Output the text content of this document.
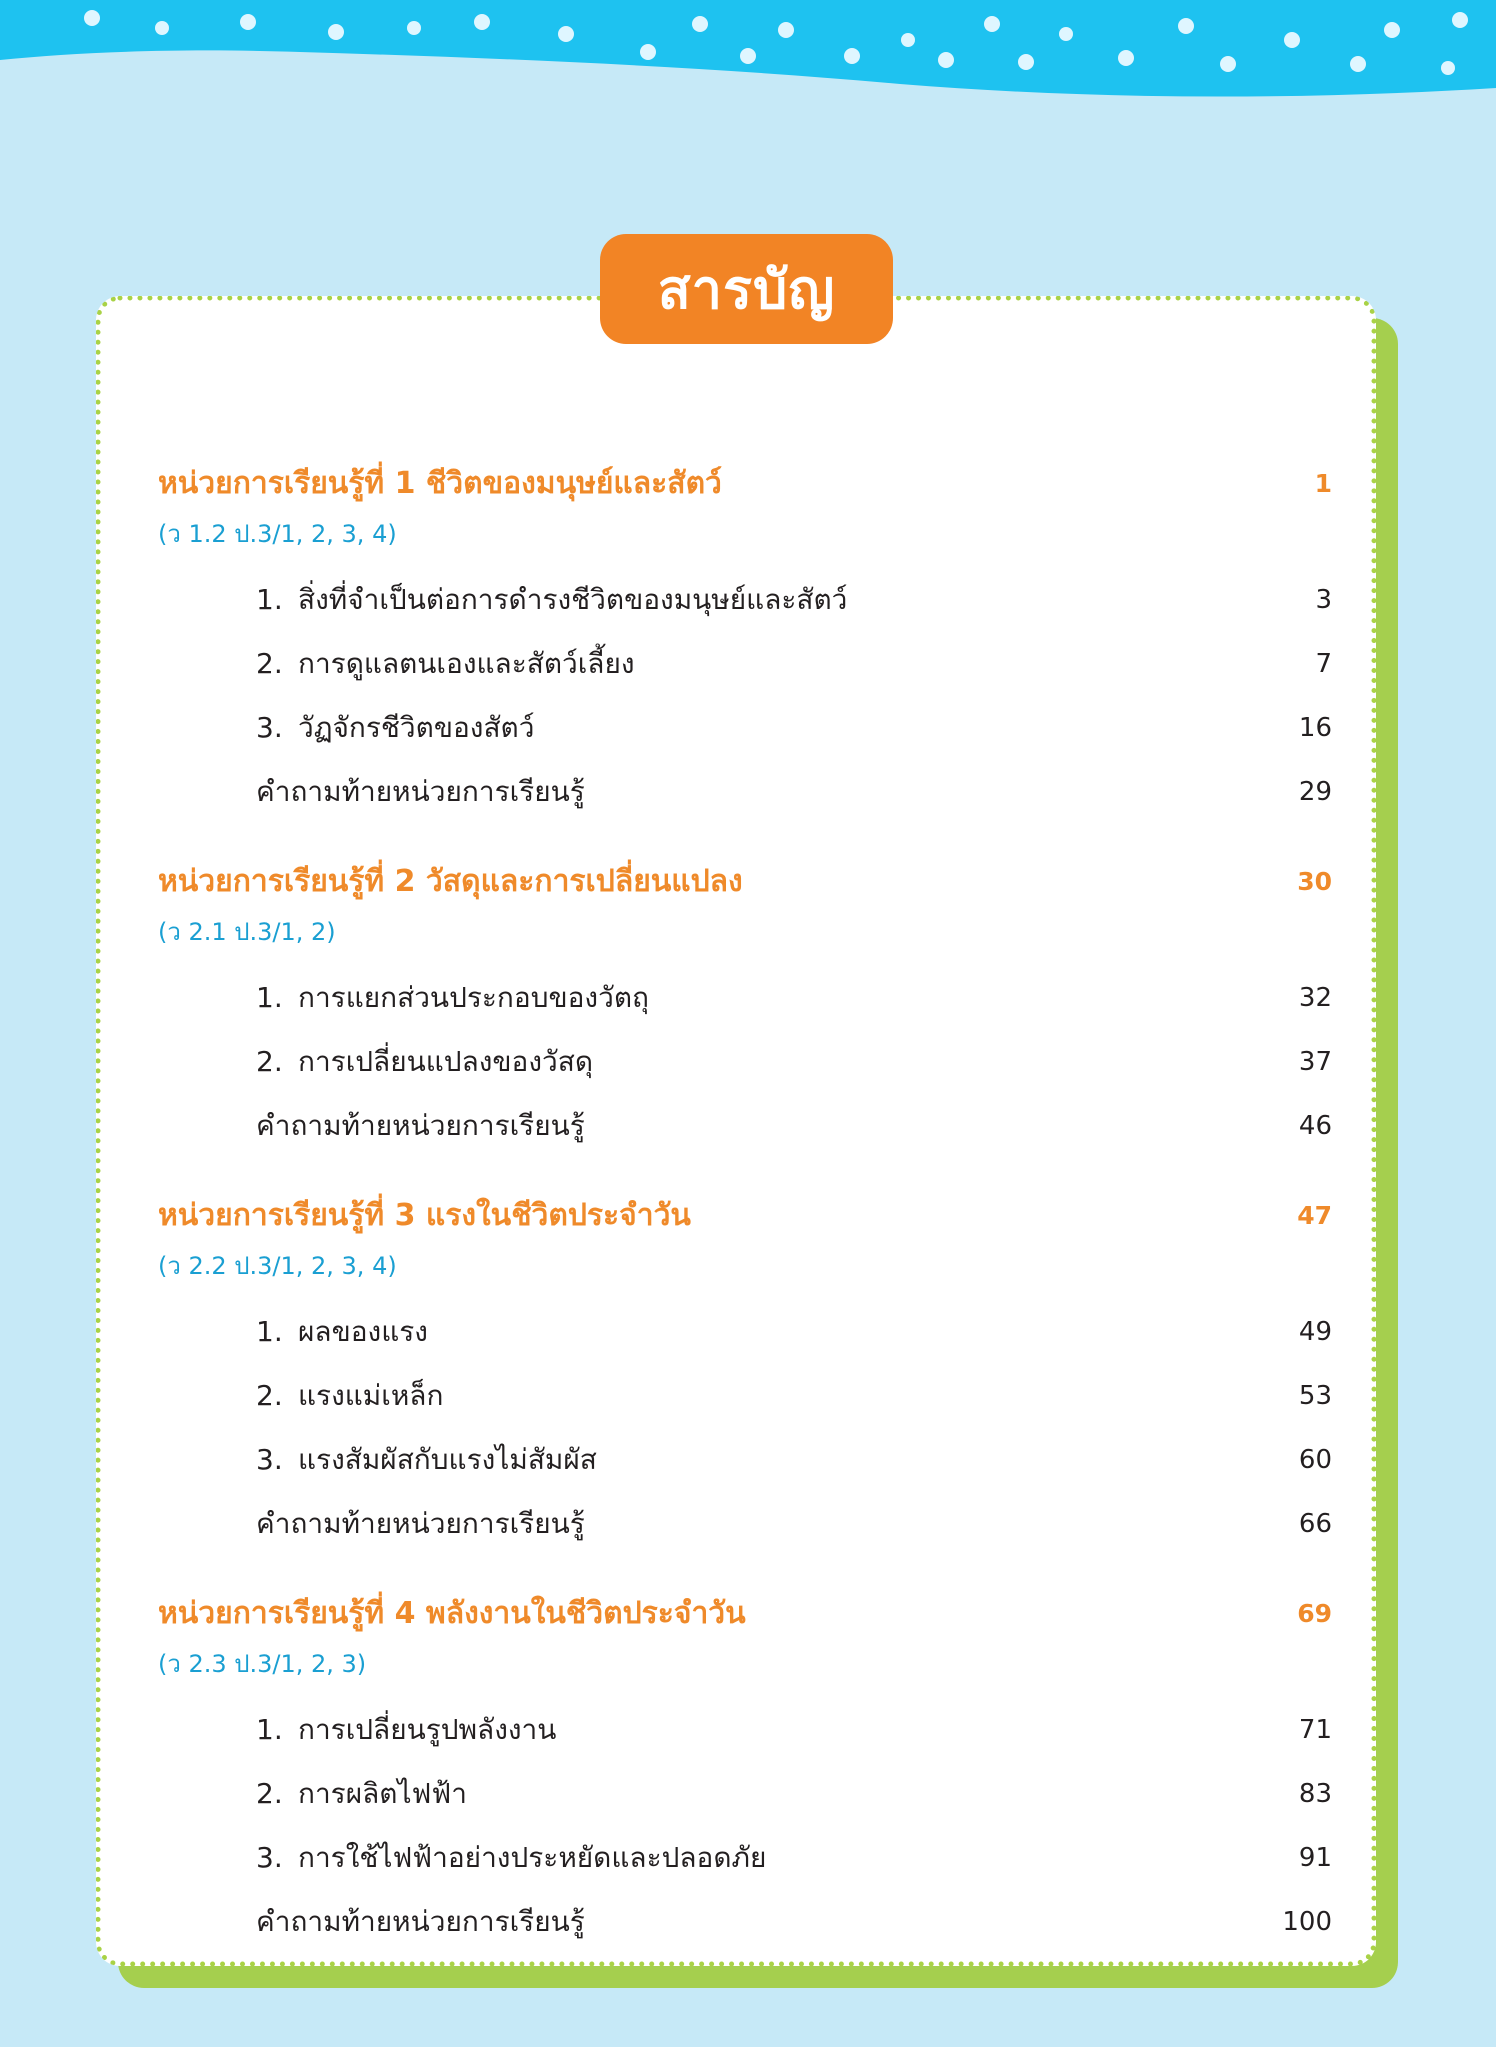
สารบัญ
หน่วยการเรียนรู้ที่ 1 ชีวิตของมนุษย์และสัตว์	1
(ว 1.2 ป.3/1, 2, 3, 4)
1. สิ่งที่จำเป็นต่อการดำรงชีวิตของมนุษย์และสัตว์	3
2. การดูแลตนเองและสัตว์เลี้ยง	7
3. วัฏจักรชีวิตของสัตว์	16
คำถามท้ายหน่วยการเรียนรู้	29
หน่วยการเรียนรู้ที่ 2 วัสดุและการเปลี่ยนแปลง	30
(ว 2.1 ป.3/1, 2)
1. การแยกส่วนประกอบของวัตถุ	32
2. การเปลี่ยนแปลงของวัสดุ	37
คำถามท้ายหน่วยการเรียนรู้	46
หน่วยการเรียนรู้ที่ 3 แรงในชีวิตประจำวัน	47
(ว 2.2 ป.3/1, 2, 3, 4)
1. ผลของแรง	49
2. แรงแม่เหล็ก	53
3. แรงสัมผัสกับแรงไม่สัมผัส	60
คำถามท้ายหน่วยการเรียนรู้	66
หน่วยการเรียนรู้ที่ 4 พลังงานในชีวิตประจำวัน	69
(ว 2.3 ป.3/1, 2, 3)
1. การเปลี่ยนรูปพลังงาน	71
2. การผลิตไฟฟ้า	83
3. การใช้ไฟฟ้าอย่างประหยัดและปลอดภัย	91
คำถามท้ายหน่วยการเรียนรู้	100
